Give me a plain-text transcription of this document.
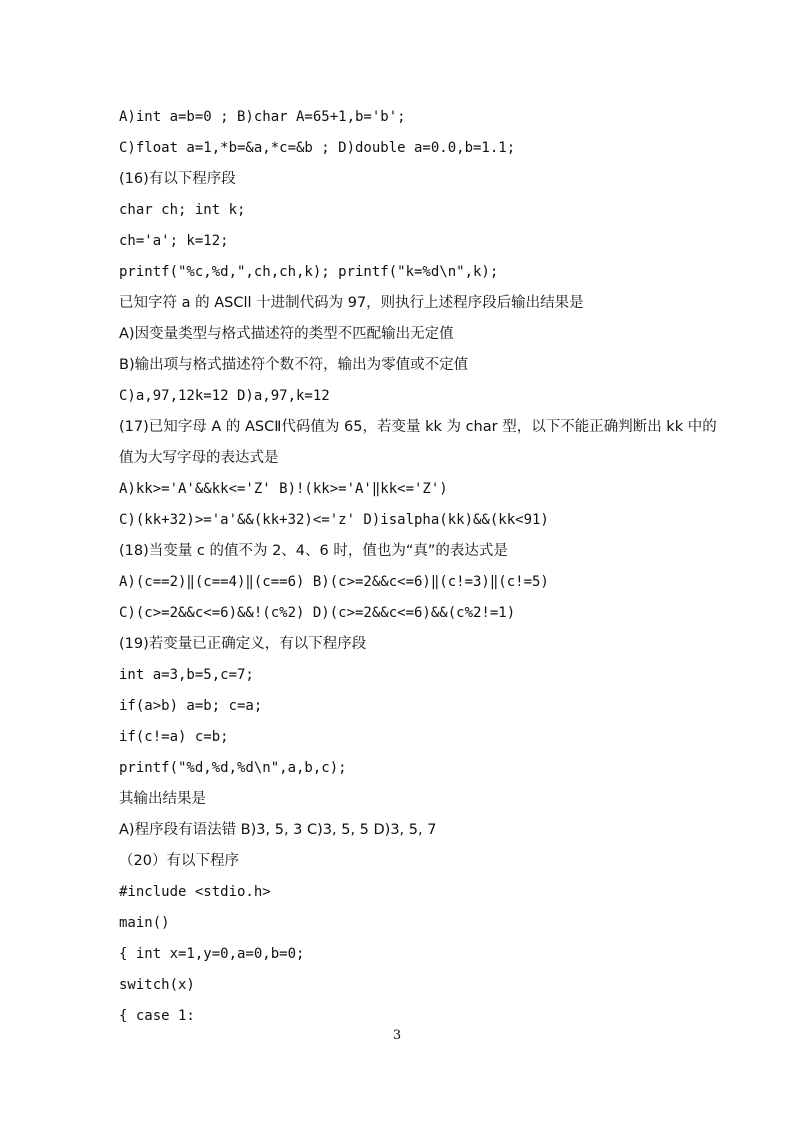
A)int a=b=0 ; B)char A=65+1,b='b';
C)float a=1,*b=&a,*c=&b ; D)double a=0.0,b=1.1;
(16)有以下程序段
char ch; int k;
ch='a'; k=12;
printf("%c,%d,",ch,ch,k); printf("k=%d\n",k);
已知字符 a 的 ASCll 十进制代码为 97，则执行上述程序段后输出结果是
A)因变量类型与格式描述符的类型不匹配输出无定值
B)输出项与格式描述符个数不符，输出为零值或不定值
C)a,97,12k=12 D)a,97,k=12
(17)已知字母 A 的 ASCⅡ代码值为 65，若变量 kk 为 char 型，以下不能正确判断出 kk 中的
值为大写字母的表达式是
A)kk>='A'&&kk<='Z' B)!(kk>='A'‖kk<='Z')
C)(kk+32)>='a'&&(kk+32)<='z' D)isalpha(kk)&&(kk<91)
(18)当变量 c 的值不为 2、4、6 时，值也为“真”的表达式是
A)(c==2)‖(c==4)‖(c==6) B)(c>=2&&c<=6)‖(c!=3)‖(c!=5)
C)(c>=2&&c<=6)&&!(c%2) D)(c>=2&&c<=6)&&(c%2!=1)
(19)若变量已正确定义，有以下程序段
int a=3,b=5,c=7;
if(a>b) a=b; c=a;
if(c!=a) c=b;
printf("%d,%d,%d\n",a,b,c);
其输出结果是
A)程序段有语法错 B)3, 5, 3 C)3, 5, 5 D)3, 5, 7
（20）有以下程序
#include <stdio.h>
main()
{ int x=1,y=0,a=0,b=0;
switch(x)
{ case 1:
3
